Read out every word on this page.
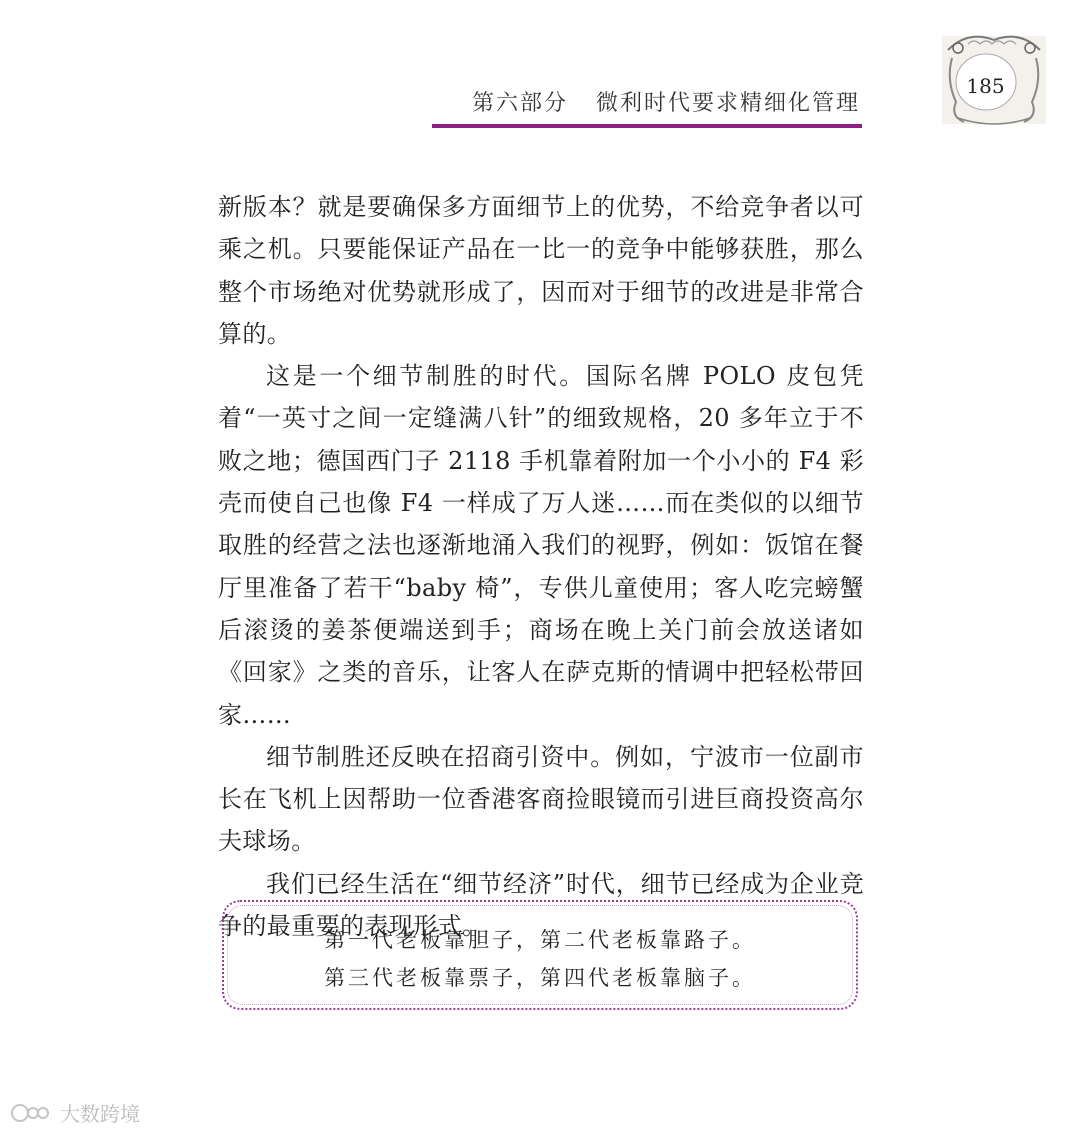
第六部分 微利时代要求精细化管理
185

新版本？就是要确保多方面细节上的优势，不给竞争者以可乘之机。只要能保证产品在一比一的竞争中能够获胜，那么整个市场绝对优势就形成了，因而对于细节的改进是非常合算的。

这是一个细节制胜的时代。国际名牌 POLO 皮包凭着“一英寸之间一定缝满八针”的细致规格，20 多年立于不败之地；德国西门子 2118 手机靠着附加一个小小的 F4 彩壳而使自己也像 F4 一样成了万人迷……而在类似的以细节取胜的经营之法也逐渐地涌入我们的视野，例如：饭馆在餐厅里准备了若干“baby 椅”，专供儿童使用；客人吃完螃蟹后滚烫的姜茶便端送到手；商场在晚上关门前会放送诸如《回家》之类的音乐，让客人在萨克斯的情调中把轻松带回家……

细节制胜还反映在招商引资中。例如，宁波市一位副市长在飞机上因帮助一位香港客商捡眼镜而引进巨商投资高尔夫球场。

我们已经生活在“细节经济”时代，细节已经成为企业竞争的最重要的表现形式。

第一代老板靠胆子，第二代老板靠路子。
第三代老板靠票子，第四代老板靠脑子。
大数跨境
